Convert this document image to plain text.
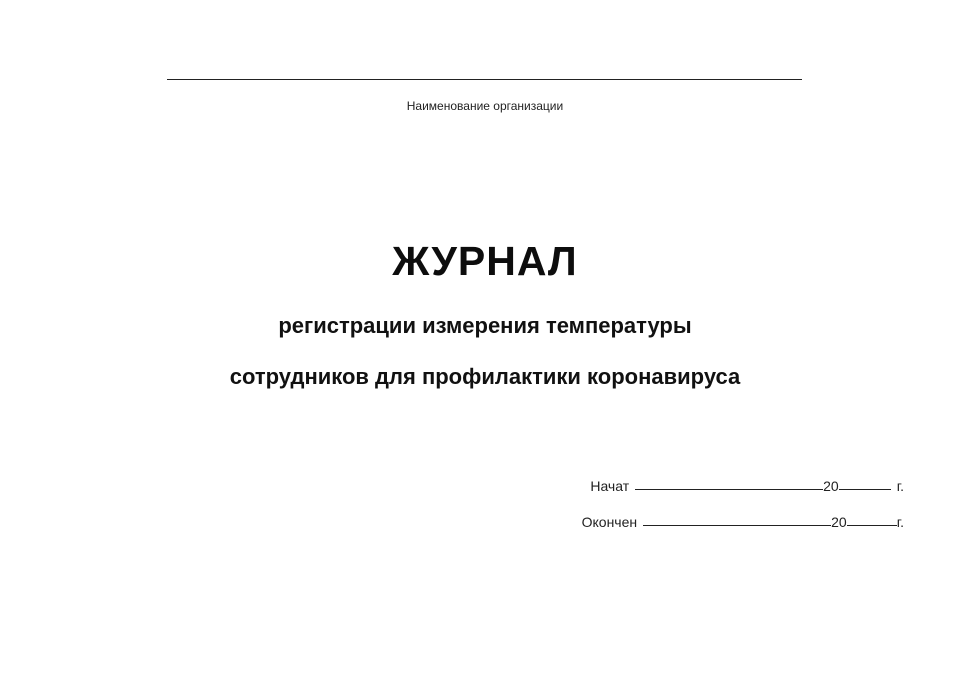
Наименование организации
ЖУРНАЛ
регистрации измерения температуры
сотрудников для профилактики коронавируса
Начат	20	г.
Окончен	20	г.
